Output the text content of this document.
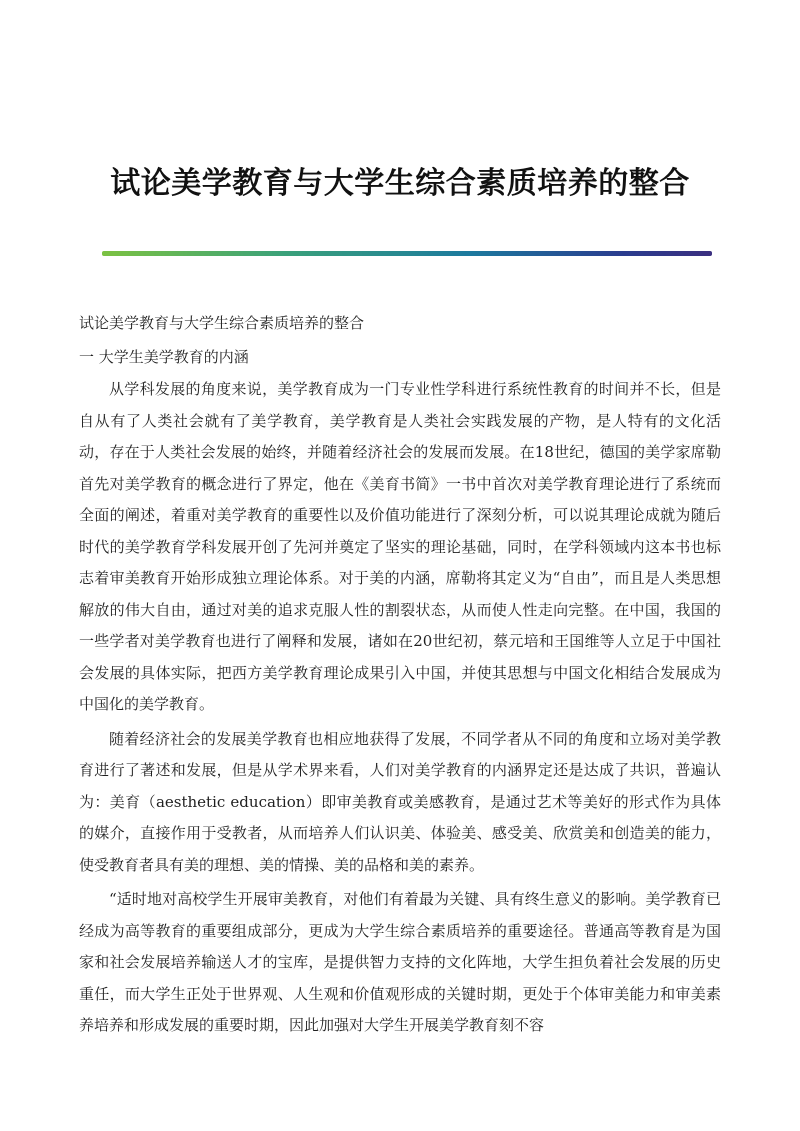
试论美学教育与大学生综合素质培养的整合

试论美学教育与大学生综合素质培养的整合

一 大学生美学教育的内涵

从学科发展的角度来说，美学教育成为一门专业性学科进行系统性教育的时间并不长，但是自从有了人类社会就有了美学教育，美学教育是人类社会实践发展的产物，是人特有的文化活动，存在于人类社会发展的始终，并随着经济社会的发展而发展。在18世纪，德国的美学家席勒首先对美学教育的概念进行了界定，他在《美育书简》一书中首次对美学教育理论进行了系统而全面的阐述，着重对美学教育的重要性以及价值功能进行了深刻分析，可以说其理论成就为随后时代的美学教育学科发展开创了先河并奠定了坚实的理论基础，同时，在学科领域内这本书也标志着审美教育开始形成独立理论体系。对于美的内涵，席勒将其定义为“自由”，而且是人类思想解放的伟大自由，通过对美的追求克服人性的割裂状态，从而使人性走向完整。在中国，我国的一些学者对美学教育也进行了阐释和发展，诸如在20世纪初，蔡元培和王国维等人立足于中国社会发展的具体实际，把西方美学教育理论成果引入中国，并使其思想与中国文化相结合发展成为中国化的美学教育。

随着经济社会的发展美学教育也相应地获得了发展，不同学者从不同的角度和立场对美学教育进行了著述和发展，但是从学术界来看，人们对美学教育的内涵界定还是达成了共识，普遍认为：美育（aesthetic education）即审美教育或美感教育，是通过艺术等美好的形式作为具体的媒介，直接作用于受教者，从而培养人们认识美、体验美、感受美、欣赏美和创造美的能力，使受教育者具有美的理想、美的情操、美的品格和美的素养。

“适时地对高校学生开展审美教育，对他们有着最为关键、具有终生意义的影响。美学教育已经成为高等教育的重要组成部分，更成为大学生综合素质培养的重要途径。普通高等教育是为国家和社会发展培养输送人才的宝库，是提供智力支持的文化阵地，大学生担负着社会发展的历史重任，而大学生正处于世界观、人生观和价值观形成的关键时期，更处于个体审美能力和审美素养培养和形成发展的重要时期，因此加强对大学生开展美学教育刻不容
